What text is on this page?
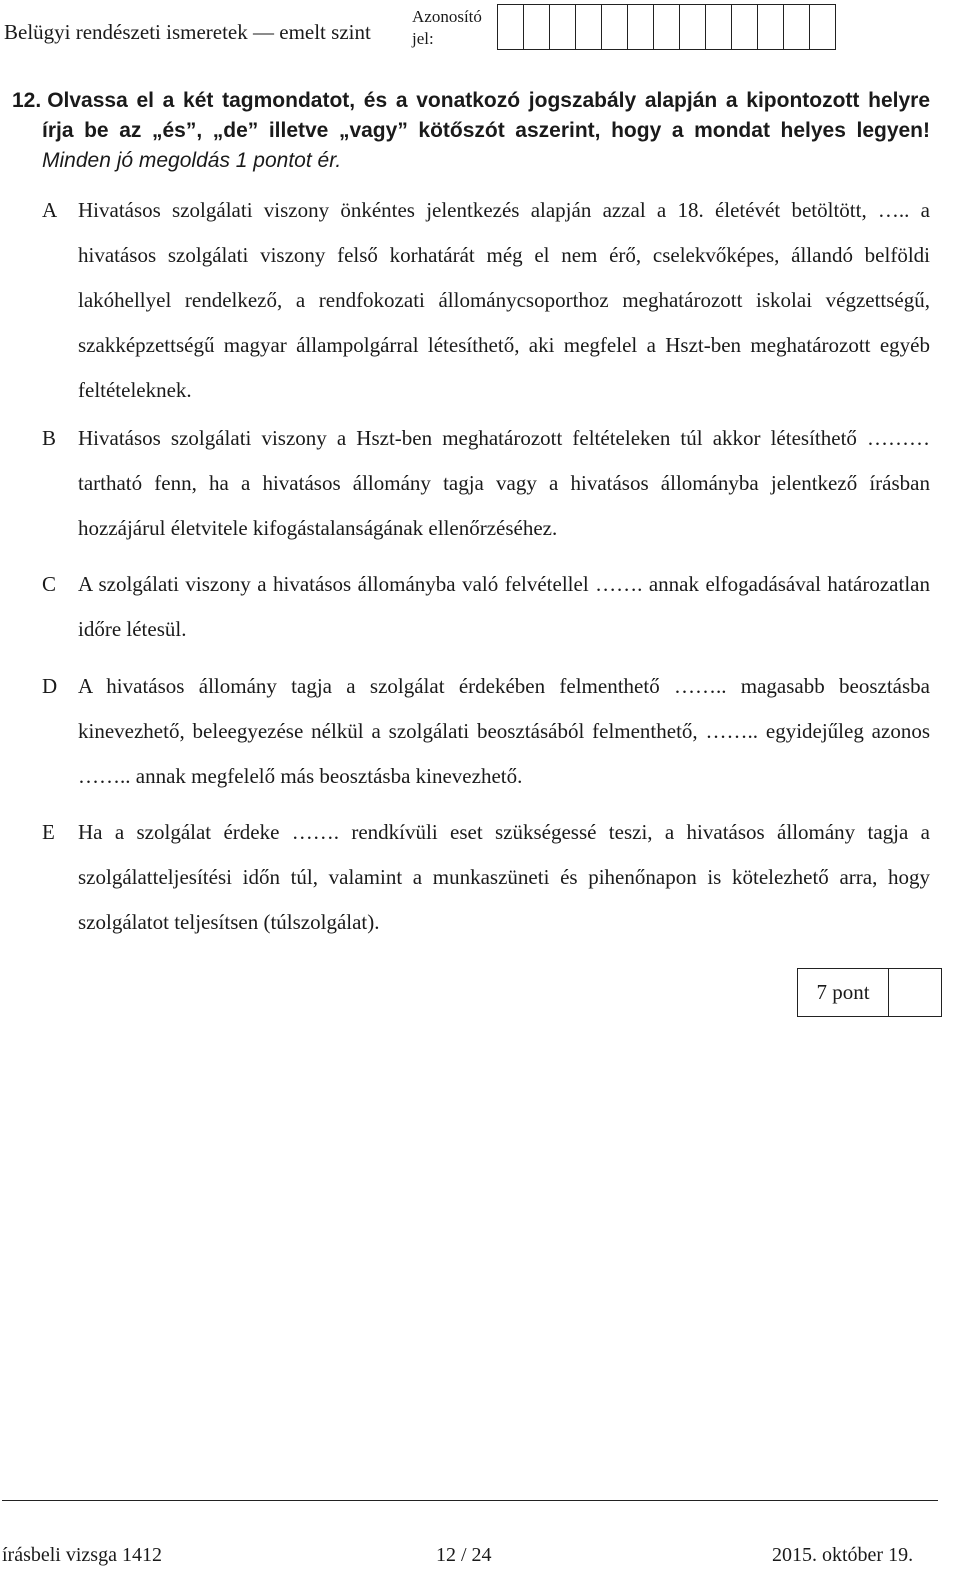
Belügyi rendészeti ismeretek — emelt szint
Azonosító jel:
12. Olvassa el a két tagmondatot, és a vonatkozó jogszabály alapján a kipontozott helyre írja be az „és”, „de” illetve „vagy” kötőszót aszerint, hogy a mondat helyes legyen! Minden jó megoldás 1 pontot ér.
A Hivatásos szolgálati viszony önkéntes jelentkezés alapján azzal a 18. életévét betöltött, ….. a hivatásos szolgálati viszony felső korhatárát még el nem érő, cselekvőképes, állandó belföldi lakóhellyel rendelkező, a rendfokozati állománycsoporthoz meghatározott iskolai végzettségű, szakképzettségű magyar állampolgárral létesíthető, aki megfelel a Hszt-ben meghatározott egyéb feltételeknek.
B	Hivatásos szolgálati viszony a Hszt-ben meghatározott feltételeken túl akkor létesíthető ……… tartható fenn, ha a hivatásos állomány tagja vagy a hivatásos állományba jelentkező írásban hozzájárul életvitele kifogástalanságának ellenőrzéséhez.
C	A szolgálati viszony a hivatásos állományba való felvétellel ……. annak elfogadásával határozatlan időre létesül.
D A hivatásos állomány tagja a szolgálat érdekében felmenthető …….. magasabb beosztásba kinevezhető, beleegyezése nélkül a szolgálati beosztásából felmenthető, …….. egyidejűleg azonos …….. annak megfelelő más beosztásba kinevezhető.
E	Ha a szolgálat érdeke ……. rendkívüli eset szükségessé teszi, a hivatásos állomány tagja a szolgálatteljesítési időn túl, valamint a munkaszüneti és pihenőnapon is kötelezhető arra, hogy szolgálatot teljesítsen (túlszolgálat).
7 pont
írásbeli vizsga 1412	12 / 24	2015. október 19.
